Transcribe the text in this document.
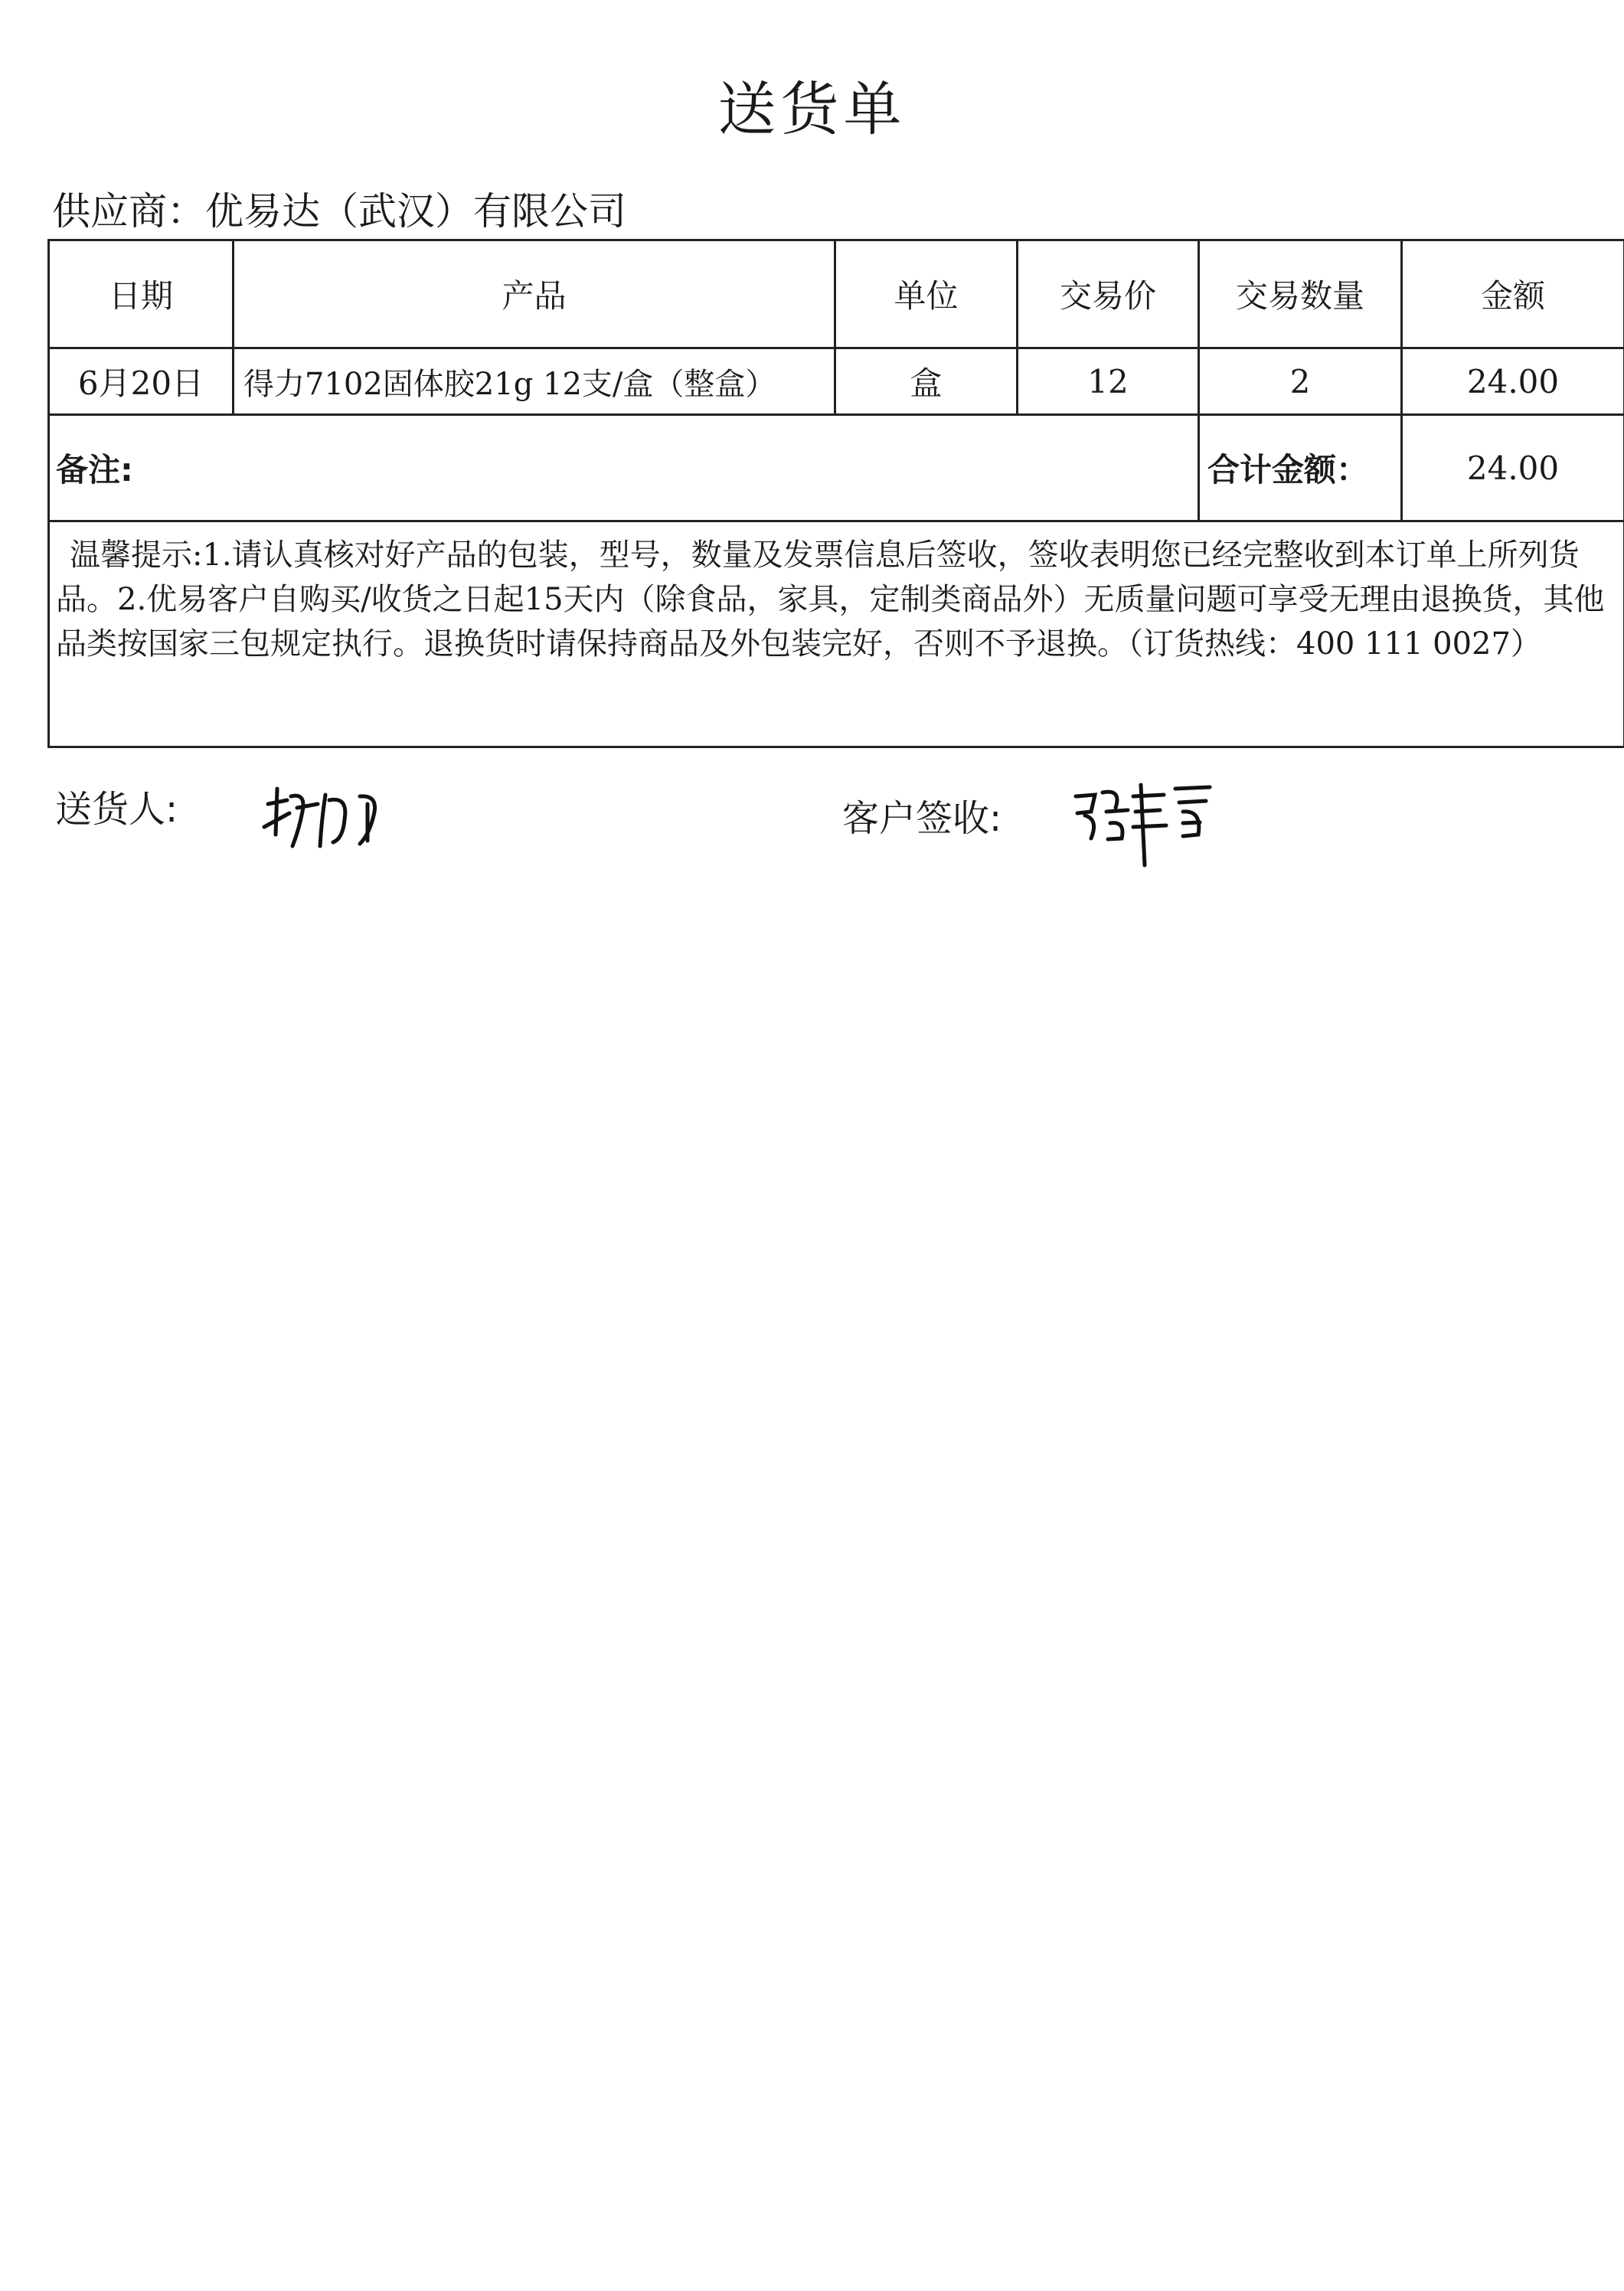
送货单
供应商：优易达（武汉）有限公司
日期	产品	单位	交易价	交易数量	金额
6月20日	得力7102固体胶21g 12支/盒（整盒）	盒	12	2	24.00
备注:				合计金额：	24.00

温馨提示:1.请认真核对好产品的包装，型号，数量及发票信息后签收，签收表明您已经完整收到本订单上所列货品。2.优易客户自购买/收货之日起15天内（除食品，家具，定制类商品外）无质量问题可享受无理由退换货，其他品类按国家三包规定执行。退换货时请保持商品及外包装完好，否则不予退换。（订货热线：400 111 0027）					
送货人:	客户签收:
